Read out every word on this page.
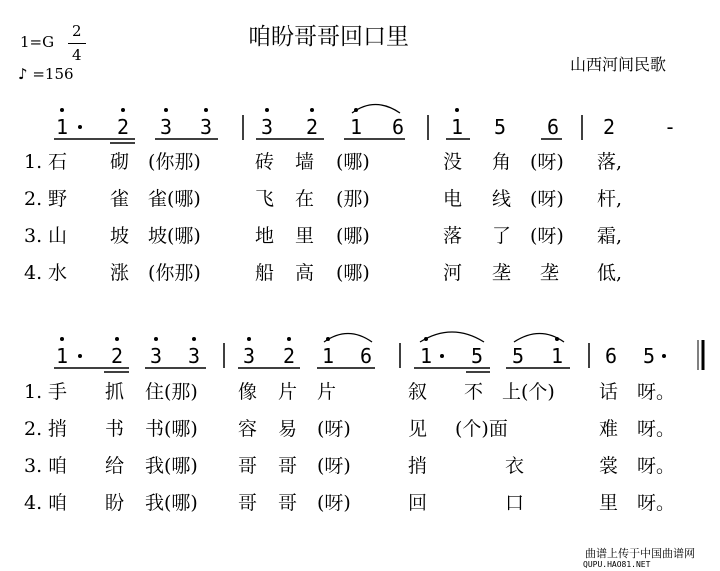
咱盼哥哥回口里
1=G
2
4
♪ =156	山西河间民歌
曲谱上传于中国曲谱网
QUPU.HAO81.NET
1 2 3 3 3 2 1 6 1 5 6 2 -
1. 石 砌 (你那)	砖 墙 (哪)	没 角 (呀) 落,
2. 野 雀 雀(哪)	飞 在 (那)	电 线 (呀) 杆,
3. 山 坡 坡(哪)	地 里 (哪)	落 了 (呀) 霜,
4. 水 涨 (你那)	船 高 (哪)	河 垄 垄 低,
1 2 3 3 3 2 1 6 1 5 5 1 6 5
1. 手 抓 住(那) 像 片 片	叙 不 上(个) 话 呀。
2. 捎 书 书(哪) 容 易 (呀)	见 (个)面	难 呀。
3. 咱 给 我(哪) 哥 哥 (呀)	捎	衣	裳 呀。
4. 咱 盼 我(哪) 哥 哥 (呀)	回	口	里 呀。
